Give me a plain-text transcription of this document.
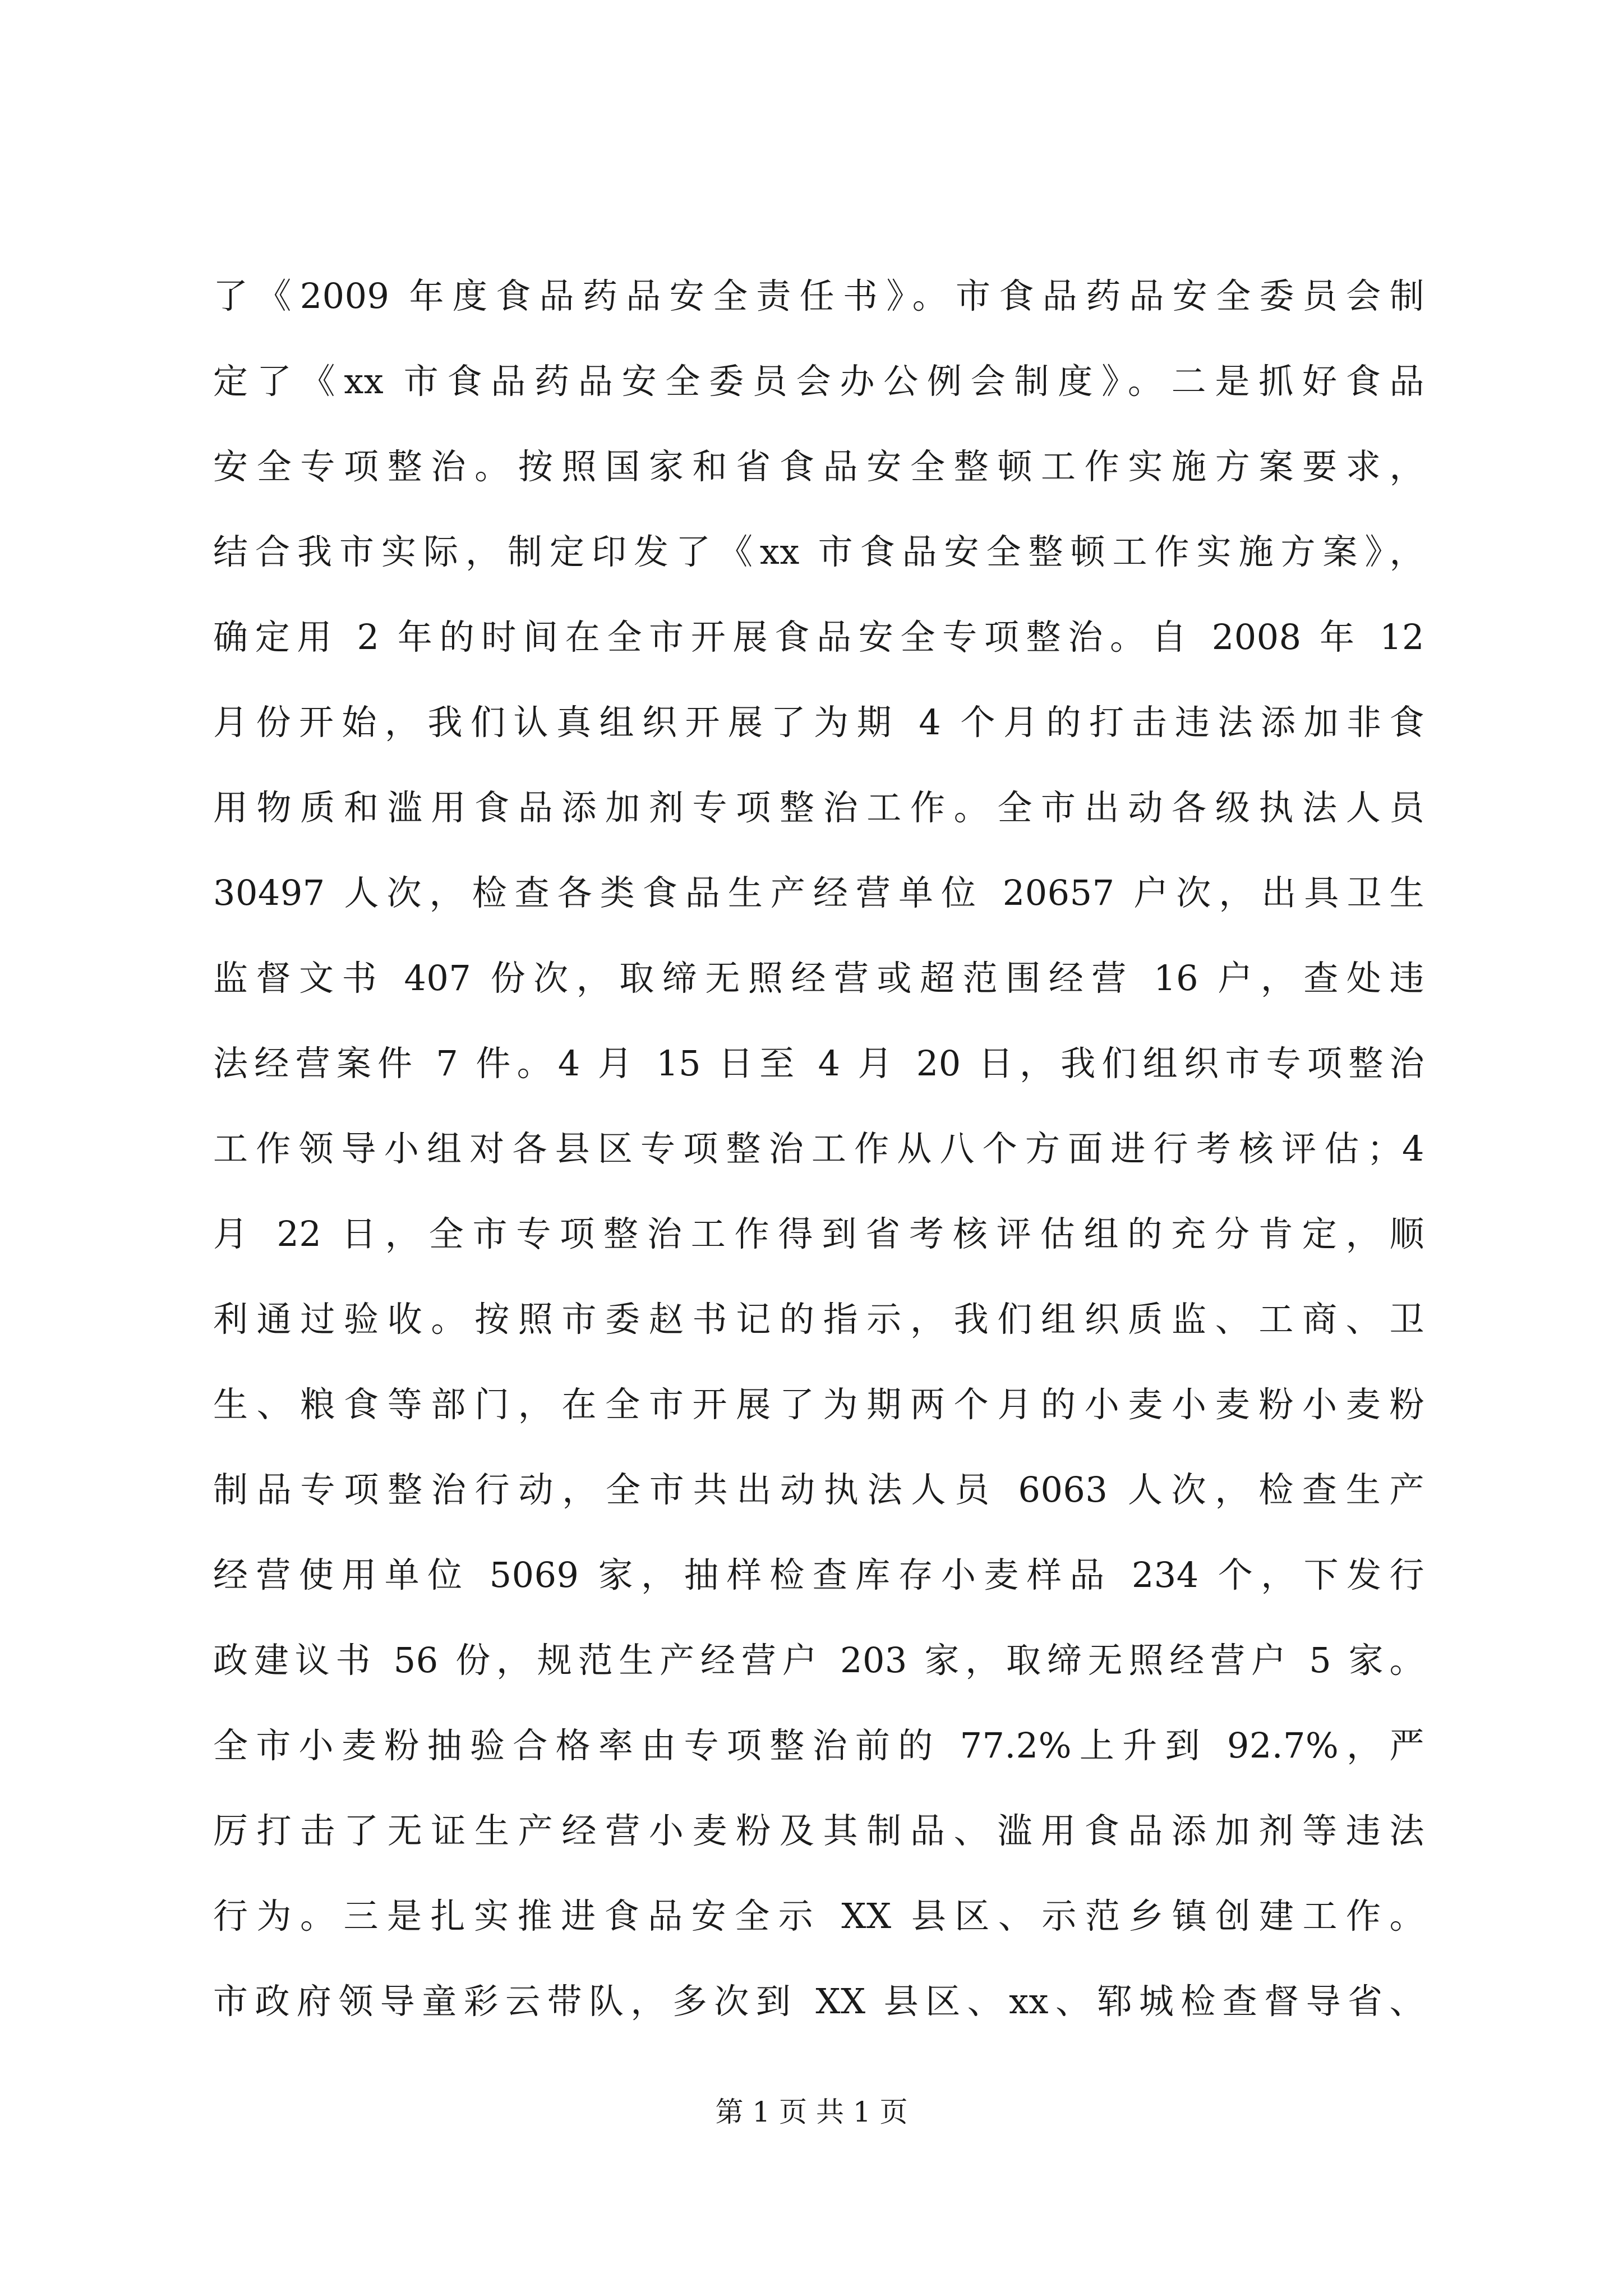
了《2009 年度食品药品安全责任书》。市食品药品安全委员会制
定了《xx 市食品药品安全委员会办公例会制度》。二是抓好食品
安全专项整治。按照国家和省食品安全整顿工作实施方案要求，
结合我市实际，制定印发了《xx 市食品安全整顿工作实施方案》，
确定用 2 年的时间在全市开展食品安全专项整治。自 2008 年 12
月份开始，我们认真组织开展了为期 4 个月的打击违法添加非食
用物质和滥用食品添加剂专项整治工作。全市出动各级执法人员
30497 人次，检查各类食品生产经营单位 20657 户次，出具卫生
监督文书 407 份次，取缔无照经营或超范围经营 16 户，查处违
法经营案件 7 件。4 月 15 日至 4 月 20 日，我们组织市专项整治
工作领导小组对各县区专项整治工作从八个方面进行考核评估；4
月 22 日，全市专项整治工作得到省考核评估组的充分肯定，顺
利通过验收。按照市委赵书记的指示，我们组织质监、工商、卫
生、粮食等部门，在全市开展了为期两个月的小麦小麦粉小麦粉
制品专项整治行动，全市共出动执法人员 6063 人次，检查生产
经营使用单位 5069 家，抽样检查库存小麦样品 234 个，下发行
政建议书 56 份，规范生产经营户 203 家，取缔无照经营户 5 家。
全市小麦粉抽验合格率由专项整治前的 77.2%上升到 92.7%，严
厉打击了无证生产经营小麦粉及其制品、滥用食品添加剂等违法
行为。三是扎实推进食品安全示 XX 县区、示范乡镇创建工作。
市政府领导童彩云带队，多次到 XX 县区、xx、郓城检查督导省、
第 1 页 共 1 页
